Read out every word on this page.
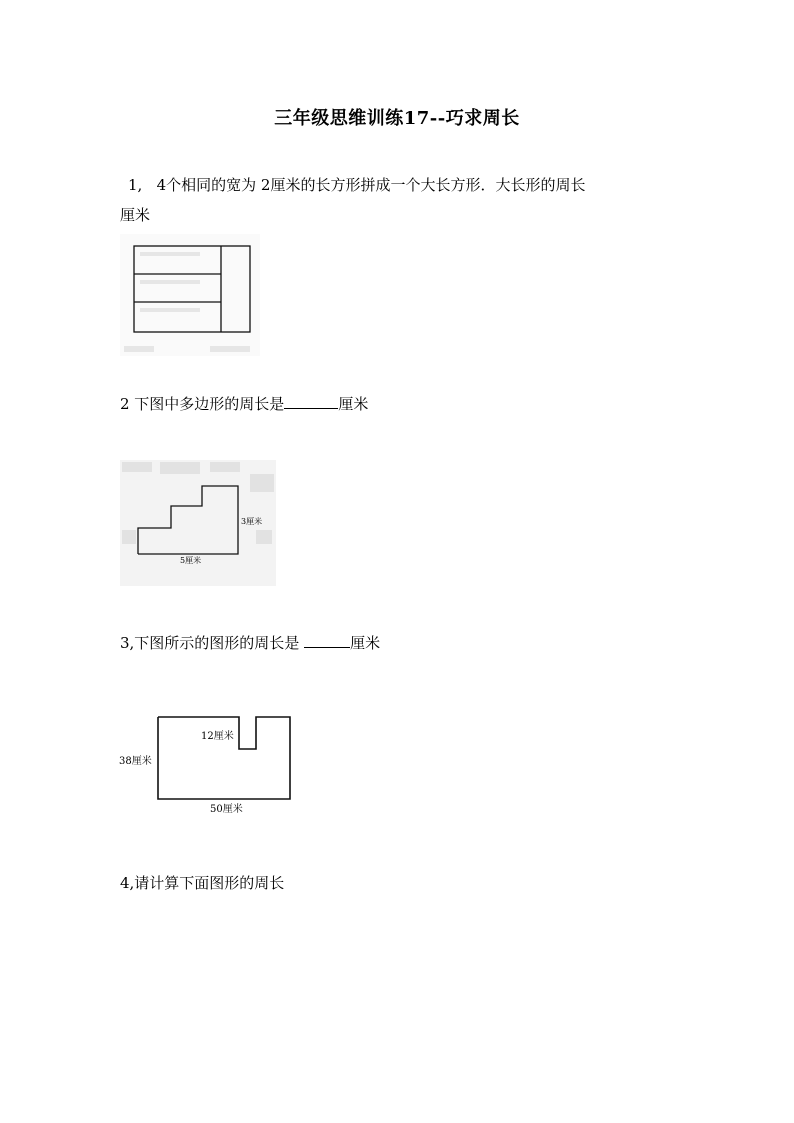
三年级思维训练17--巧求周长
1, 4个相同的宽为 2厘米的长方形拼成一个大长方形．大长形的周长
厘米
2 下图中多边形的周长是	厘米
3厘米
5厘米
3,下图所示的图形的周长是	厘米
12厘米
38厘米
50厘米
4,请计算下面图形的周长
